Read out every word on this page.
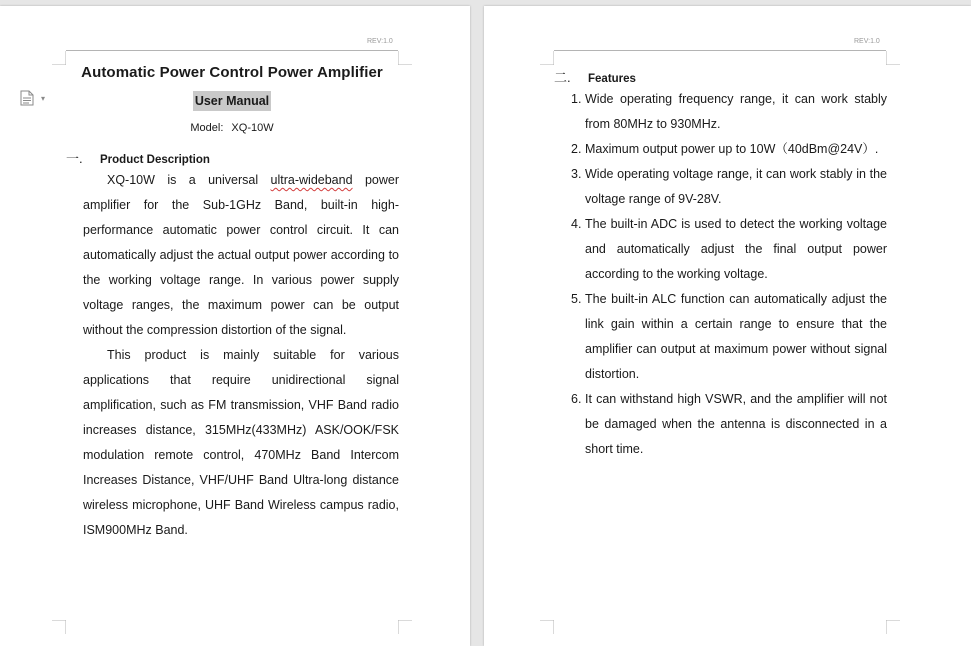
REV:1.0
▾
Automatic Power Control Power Amplifier
User Manual
Model: XQ-10W
一. Product Description

XQ-10W is a universal ultra-wideband power amplifier for the Sub-1GHz Band, built-in high-performance automatic power control circuit. It can automatically adjust the actual output power according to the working voltage range. In various power supply voltage ranges, the maximum power can be output without the compression distortion of the signal.

This product is mainly suitable for various applications that require unidirectional signal amplification, such as FM transmission, VHF Band radio increases distance, 315MHz(433MHz) ASK/OOK/FSK modulation remote control, 470MHz Band Intercom Increases Distance, VHF/UHF Band Ultra-long distance wireless microphone, UHF Band Wireless campus radio, ISM900MHz Band.

REV:1.0
二. Features
1. Wide operating frequency range, it can work stably from 80MHz to 930MHz.
2. Maximum output power up to 10W（40dBm@24V）.
3. Wide operating voltage range, it can work stably in the voltage range of 9V-28V.
4. The built-in ADC is used to detect the working voltage and automatically adjust the final output power according to the working voltage.
5. The built-in ALC function can automatically adjust the link gain within a certain range to ensure that the amplifier can output at maximum power without signal distortion.
6. It can withstand high VSWR, and the amplifier will not be damaged when the antenna is disconnected in a short time.
